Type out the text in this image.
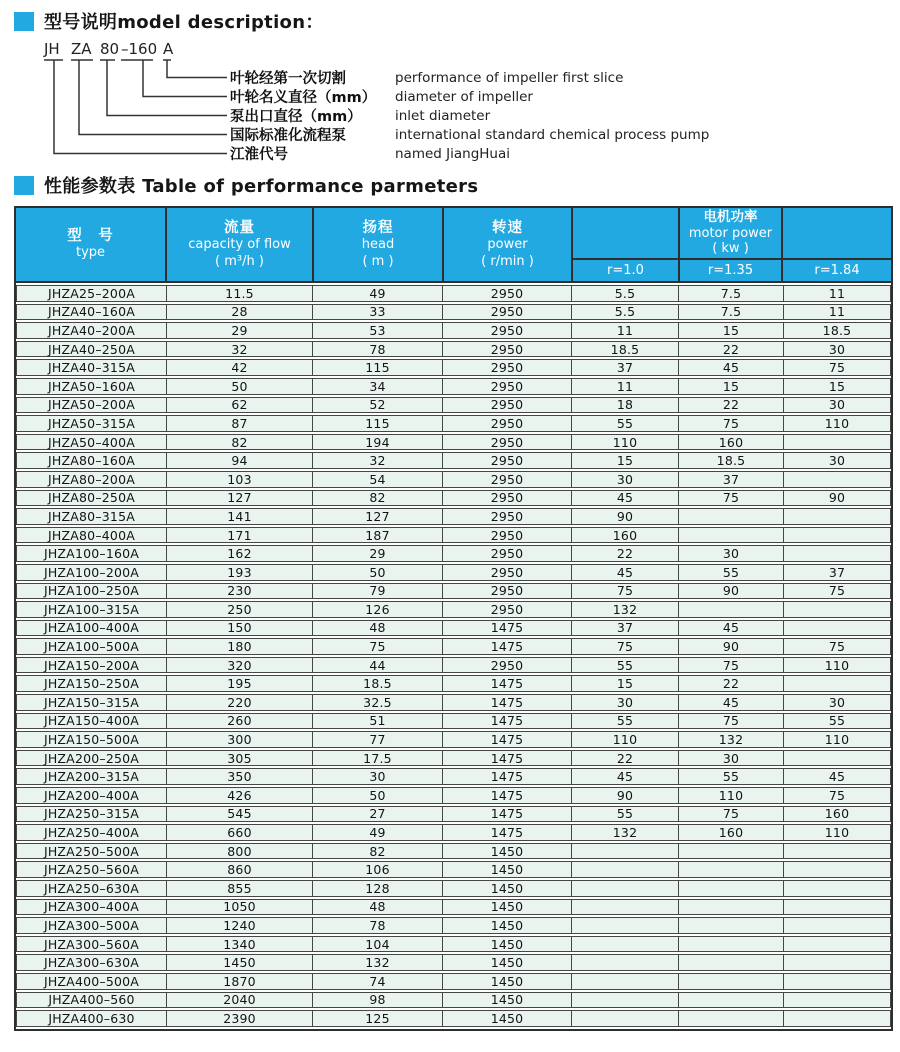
型号说明model description：
JH ZA 80 –160 A
叶轮经第一次切割	performance of impeller first slice
叶轮名义直径（mm）	diameter of impeller
泵出口直径（mm）	inlet diameter
国际标准化流程泵	international standard chemical process pump
江淮代号	named JiangHuai
性能参数表 Table of performance parmeters
型　号
type
流量
capacity of flow
( m³/h )
扬程
head
( m )
转速
power
( r/min )
电机功率
motor power
( kw )
r=1.0	r=1.35	r=1.84
JHZA25–200A	11.5	49	2950	5.5	7.5	11
JHZA40–160A	28	33	2950	5.5	7.5	11
JHZA40–200A	29	53	2950	11	15	18.5
JHZA40–250A	32	78	2950	18.5	22	30
JHZA40–315A	42	115	2950	37	45	75
JHZA50–160A	50	34	2950	11	15	15
JHZA50–200A	62	52	2950	18	22	30
JHZA50–315A	87	115	2950	55	75	110
JHZA50–400A	82	194	2950	110	160
JHZA80–160A	94	32	2950	15	18.5	30
JHZA80–200A	103	54	2950	30	37
JHZA80–250A	127	82	2950	45	75	90
JHZA80–315A	141	127	2950	90
JHZA80–400A	171	187	2950	160
JHZA100–160A	162	29	2950	22	30
JHZA100–200A	193	50	2950	45	55	37
JHZA100–250A	230	79	2950	75	90	75
JHZA100–315A	250	126	2950	132
JHZA100–400A	150	48	1475	37	45
JHZA100–500A	180	75	1475	75	90	75
JHZA150–200A	320	44	2950	55	75	110
JHZA150–250A	195	18.5	1475	15	22
JHZA150–315A	220	32.5	1475	30	45	30
JHZA150–400A	260	51	1475	55	75	55
JHZA150–500A	300	77	1475	110	132	110
JHZA200–250A	305	17.5	1475	22	30
JHZA200–315A	350	30	1475	45	55	45
JHZA200–400A	426	50	1475	90	110	75
JHZA250–315A	545	27	1475	55	75	160
JHZA250–400A	660	49	1475	132	160	110
JHZA250–500A	800	82	1450
JHZA250–560A	860	106	1450
JHZA250–630A	855	128	1450
JHZA300–400A	1050	48	1450
JHZA300–500A	1240	78	1450
JHZA300–560A	1340	104	1450
JHZA300–630A	1450	132	1450
JHZA400–500A	1870	74	1450
JHZA400–560	2040	98	1450
JHZA400–630	2390	125	1450
